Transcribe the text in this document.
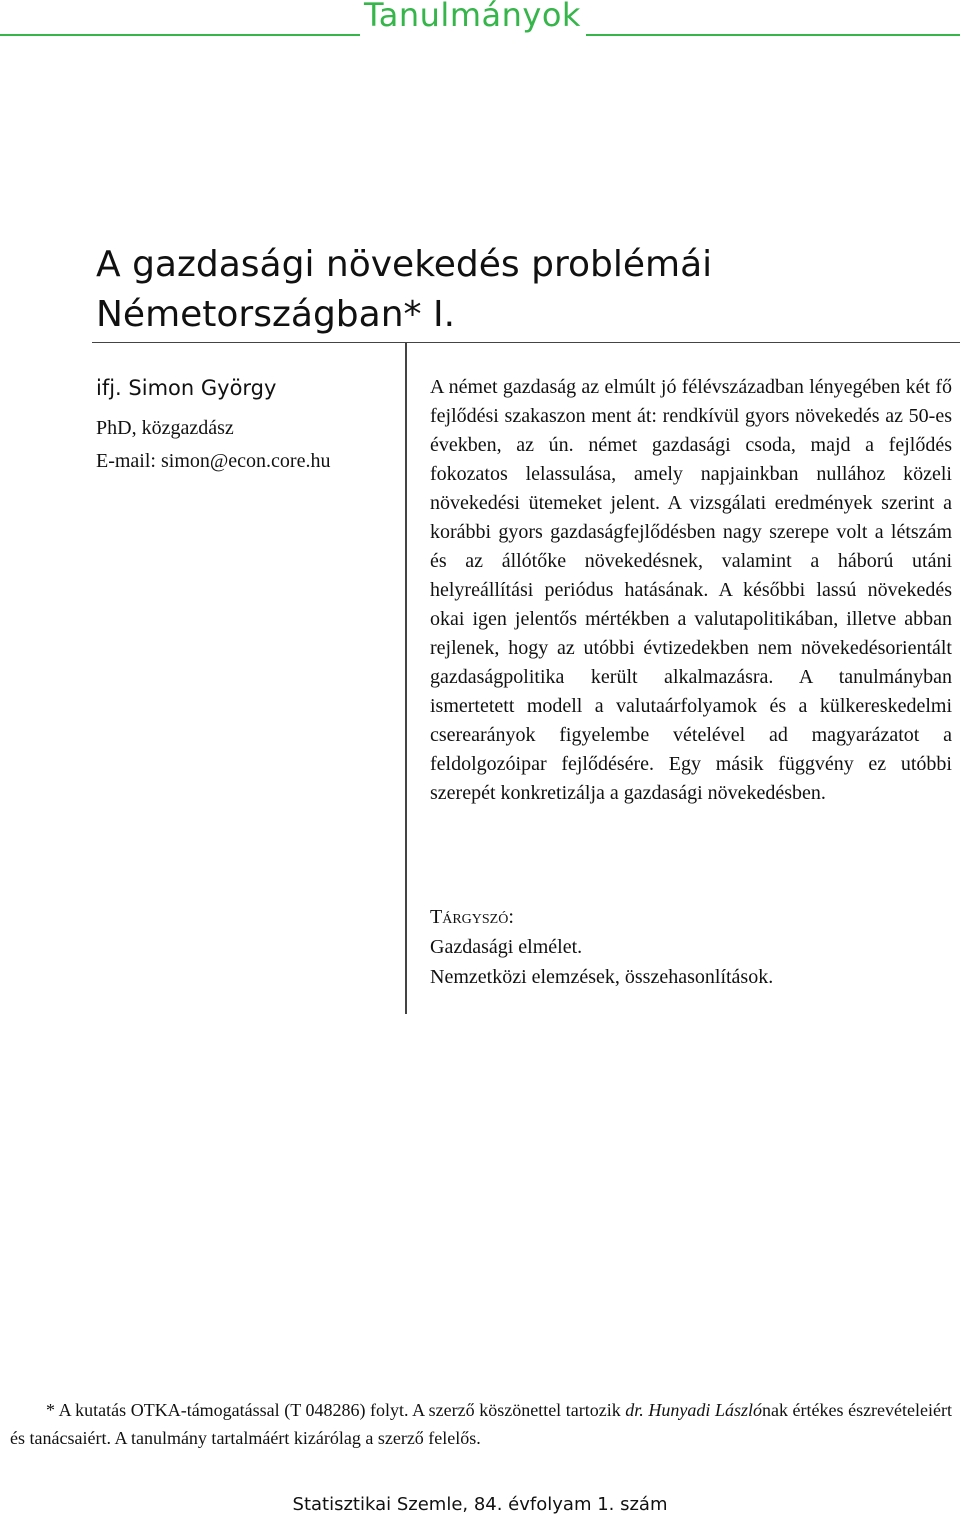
Tanulmányok
A gazdasági növekedés problémái
Németországban* I.

ifj. Simon György

PhD, közgazdász

E-mail: simon@econ.core.hu

A német gazdaság az elmúlt jó félévszázadban lényegében két fő fejlődési szakaszon ment át: rendkívül gyors növekedés az 50-es években, az ún. német gazdasági csoda, majd a fejlődés fokozatos lelassulása, amely napjainkban nullához közeli növekedési ütemeket jelent. A vizsgálati eredmények szerint a korábbi gyors gazdaságfejlődésben nagy szerepe volt a létszám és az állótőke növekedésnek, valamint a háború utáni helyreállítási periódus hatásának. A későbbi lassú növekedés okai igen jelentős mértékben a valutapolitikában, illetve abban rejlenek, hogy az utóbbi évtizedekben nem növekedésorientált gazdaságpolitika került alkalmazásra. A tanulmányban ismertetett modell a valutaárfolyamok és a külkereskedelmi cserearányok figyelembe vételével ad magyarázatot a feldolgozóipar fejlődésére. Egy másik függvény ez utóbbi szerepét konkretizálja a gazdasági növekedésben.

Tárgyszó:
Gazdasági elmélet.
Nemzetközi elemzések, összehasonlítások.

* A kutatás OTKA-támogatással (T 048286) folyt. A szerző köszönettel tartozik dr. Hunyadi Lászlónak értékes észrevételeiért és tanácsaiért. A tanulmány tartalmáért kizárólag a szerző felelős.

Statisztikai Szemle, 84. évfolyam 1. szám
